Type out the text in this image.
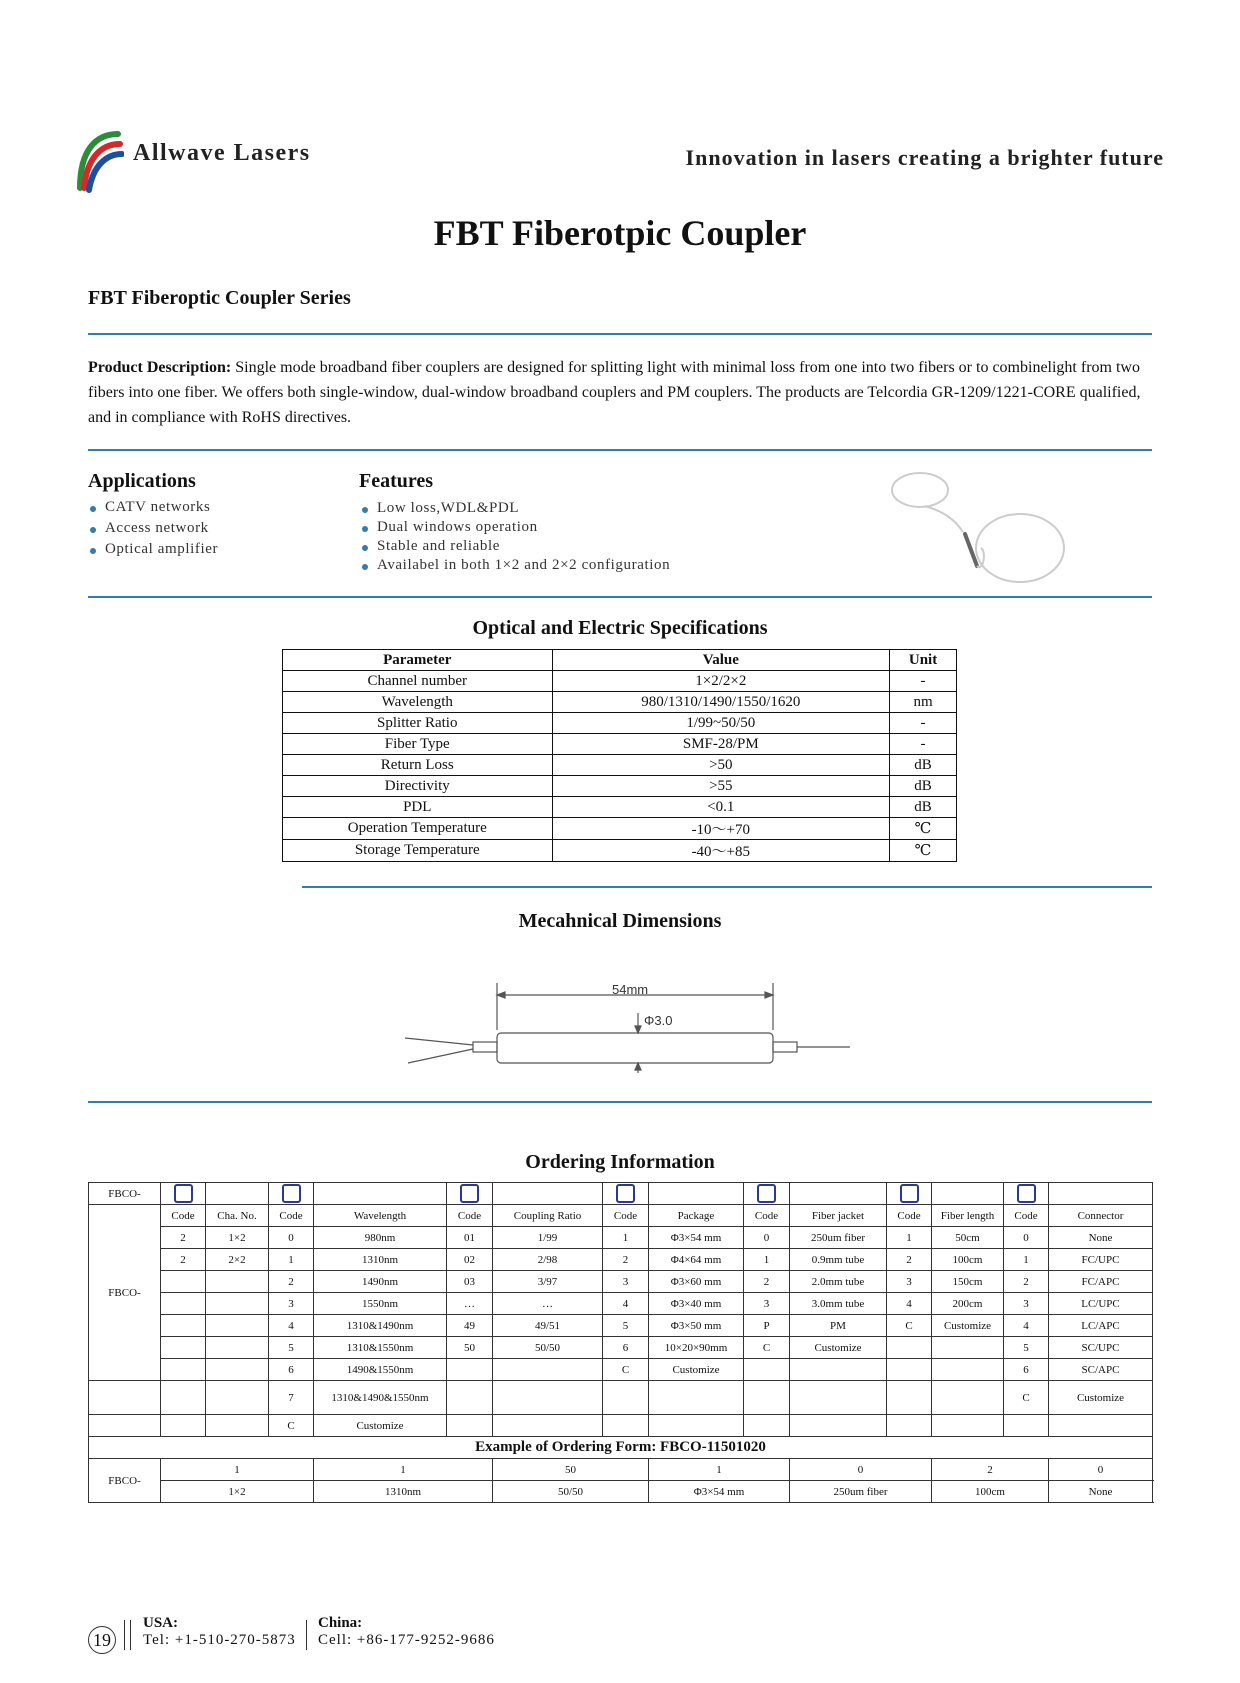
Allwave Lasers	Innovation in lasers creating a brighter future
FBT Fiberotpic Coupler
FBT Fiberoptic Coupler Series
Product Description: Single mode broadband fiber couplers are designed for splitting light with minimal loss from one into two fibers or to combinelight from two fibers into one fiber. We offers both single-window, dual-window broadband couplers and PM couplers. The products are Telcordia GR-1209/1221-CORE qualified, and in compliance with RoHS directives.
Applications
CATV networks
Access network
Optical amplifier
Features
Low loss,WDL&PDL
Dual windows operation
Stable and reliable
Availabel in both 1×2 and 2×2 configuration
Optical and Electric Specifications
Parameter	Value	Unit
Channel number	1×2/2×2	-
Wavelength	980/1310/1490/1550/1620	nm
Splitter Ratio	1/99~50/50	-
Fiber Type	SMF-28/PM	-
Return Loss	>50	dB
Directivity	>55	dB
PDL	<0.1	dB
Operation Temperature	-10～+70	℃
Storage Temperature	-40～+85	℃
Mecahnical Dimensions
54mm
Φ3.0
Ordering Information
FBCO-														
FBCO-	Code	Cha. No.	Code	Wavelength	Code	Coupling Ratio	Code	Package	Code	Fiber jacket	Code	Fiber length	Code	Connector
	2	1×2	0	980nm	01	1/99	1	Φ3×54 mm	0	250um fiber	1	50cm	0	None
	2	2×2	1	1310nm	02	2/98	2	Φ4×64 mm	1	0.9mm tube	2	100cm	1	FC/UPC
			2	1490nm	03	3/97	3	Φ3×60 mm	2	2.0mm tube	3	150cm	2	FC/APC
			3	1550nm	…	…	4	Φ3×40 mm	3	3.0mm tube	4	200cm	3	LC/UPC
			4	1310&1490nm	49	49/51	5	Φ3×50 mm	P	PM	C	Customize	4	LC/APC
			5	1310&1550nm	50	50/50	6	10×20×90mm	C	Customize			5	SC/UPC
			6	1490&1550nm			C	Customize					6	SC/APC
			7	1310&1490&1550nm									C	Customize
			C	Customize										
Example of Ordering Form: FBCO-11501020														
FBCO-	1			1		50		1		0		2		0
	1×2			1310nm		50/50		Φ3×54 mm		250um fiber		100cm		None
19
USA:
Tel: +1-510-270-5873
China:
Cell: +86-177-9252-9686
